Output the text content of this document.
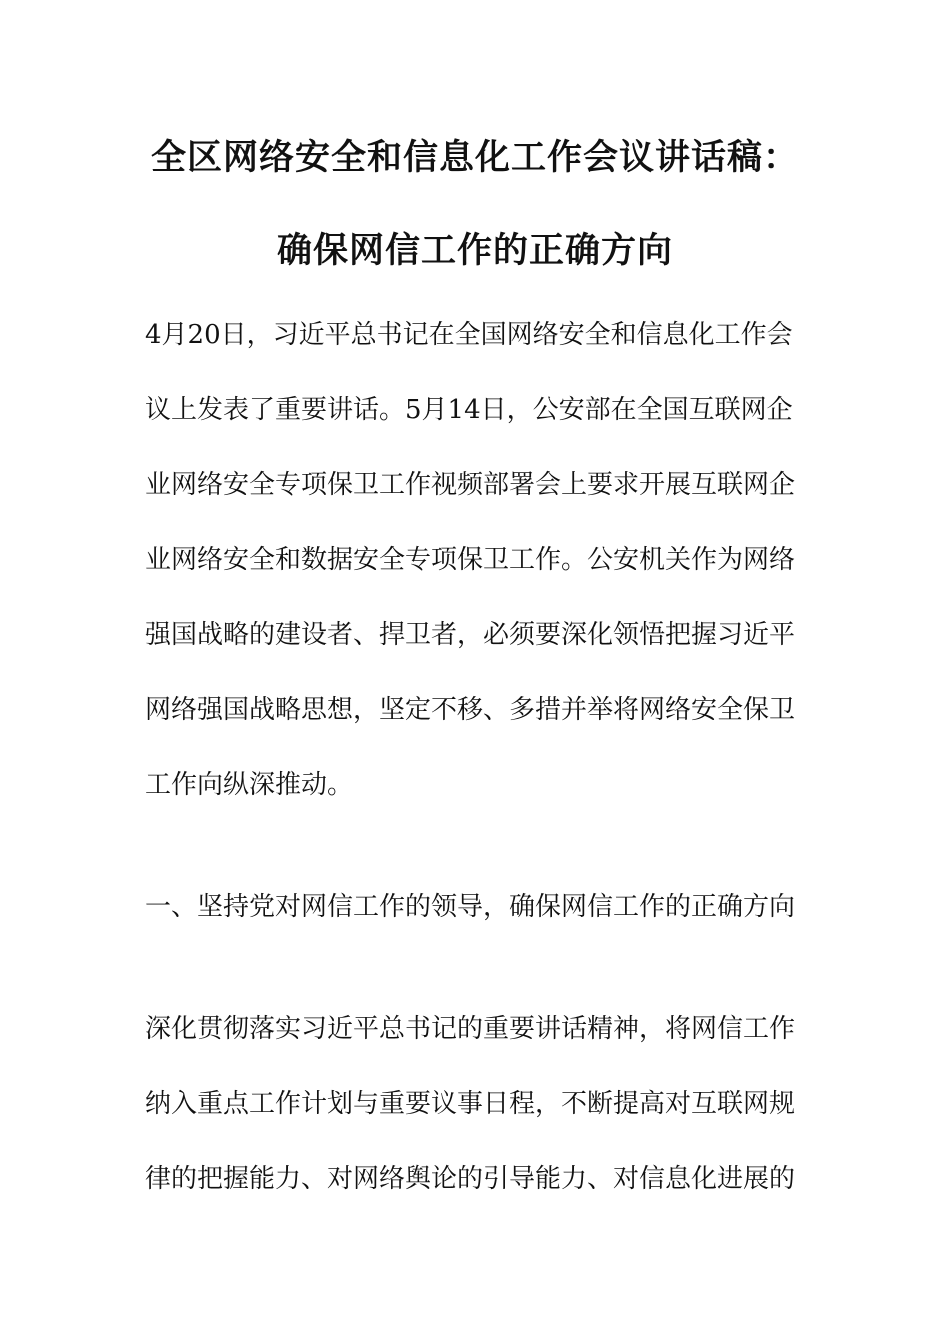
全区网络安全和信息化工作会议讲话稿：
确保网信工作的正确方向
4月20日，习近平总书记在全国网络安全和信息化工作会
议上发表了重要讲话。5月14日，公安部在全国互联网企
业网络安全专项保卫工作视频部署会上要求开展互联网企
业网络安全和数据安全专项保卫工作。公安机关作为网络
强国战略的建设者、捍卫者，必须要深化领悟把握习近平
网络强国战略思想，坚定不移、多措并举将网络安全保卫
工作向纵深推动。
一、坚持党对网信工作的领导，确保网信工作的正确方向
深化贯彻落实习近平总书记的重要讲话精神，将网信工作
纳入重点工作计划与重要议事日程，不断提高对互联网规
律的把握能力、对网络舆论的引导能力、对信息化进展的
